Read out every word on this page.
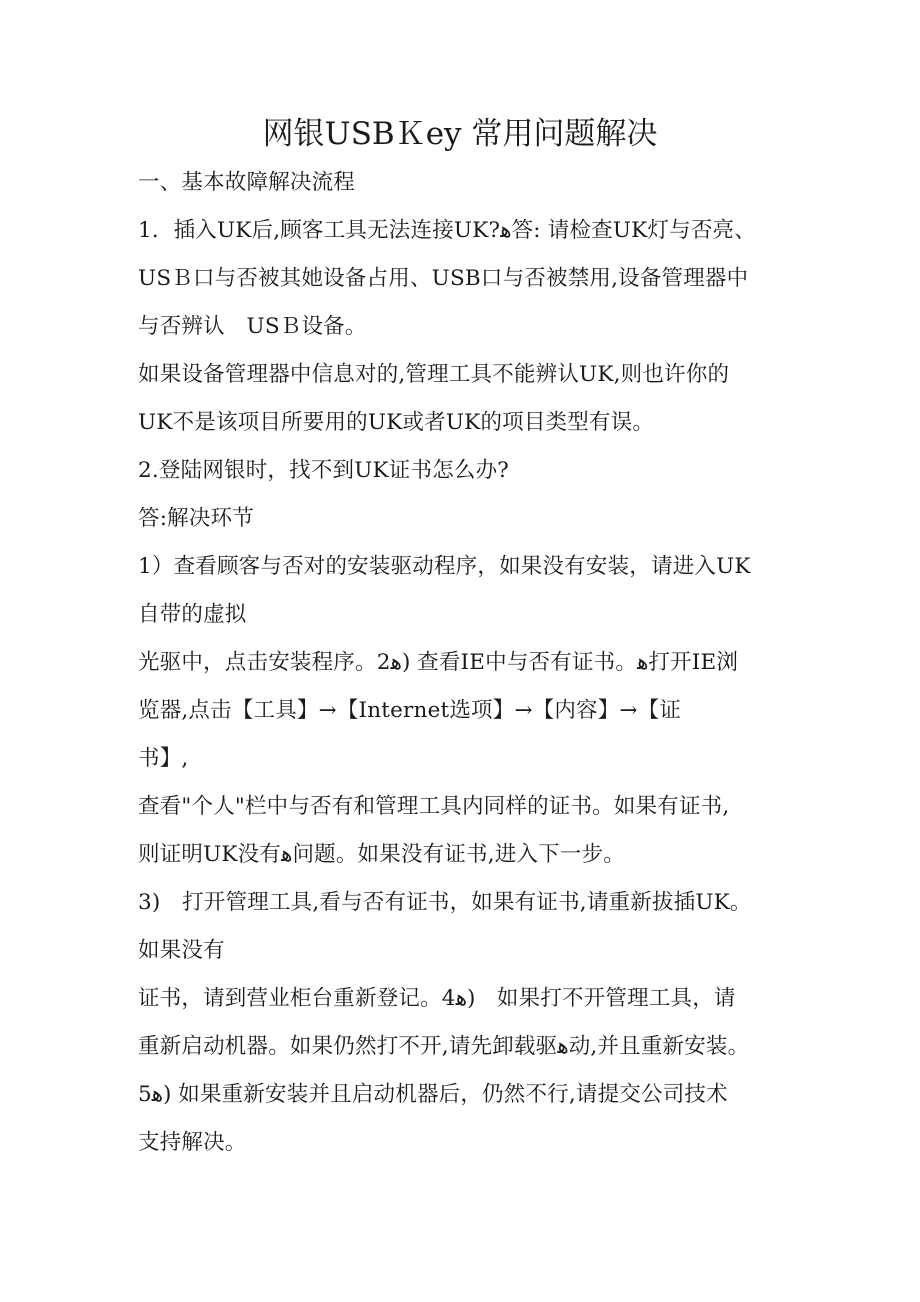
网银USBＫey 常用问题解决
一、基本故障解决流程
1．插入UK后,顾客工具无法连接UK?ﻫ答: 请检查UK灯与否亮、
USＢ口与否被其她设备占用、USB口与否被禁用,设备管理器中
与否辨认　USＢ设备。
如果设备管理器中信息对的,管理工具不能辨认UK,则也许你的
UK不是该项目所要用的UK或者UK的项目类型有误。
2.登陆网银时，找不到UK证书怎么办?
答:解决环节
1）查看顾客与否对的安装驱动程序，如果没有安装，请进入UK
自带的虚拟
光驱中，点击安装程序。2ﻫ) 查看IE中与否有证书。ﻫ打开IE浏
览器,点击【工具】→【Internet选项】→【内容】→【证
书】,
查看"个人"栏中与否有和管理工具内同样的证书。如果有证书,
则证明UK没有ﻫ问题。如果没有证书,进入下一步。
3)　打开管理工具,看与否有证书，如果有证书,请重新拔插UK。
如果没有
证书，请到营业柜台重新登记。4ﻫ)　如果打不开管理工具，请
重新启动机器。如果仍然打不开,请先卸载驱ﻫ动,并且重新安装。
5ﻫ) 如果重新安装并且启动机器后，仍然不行,请提交公司技术
支持解决。
